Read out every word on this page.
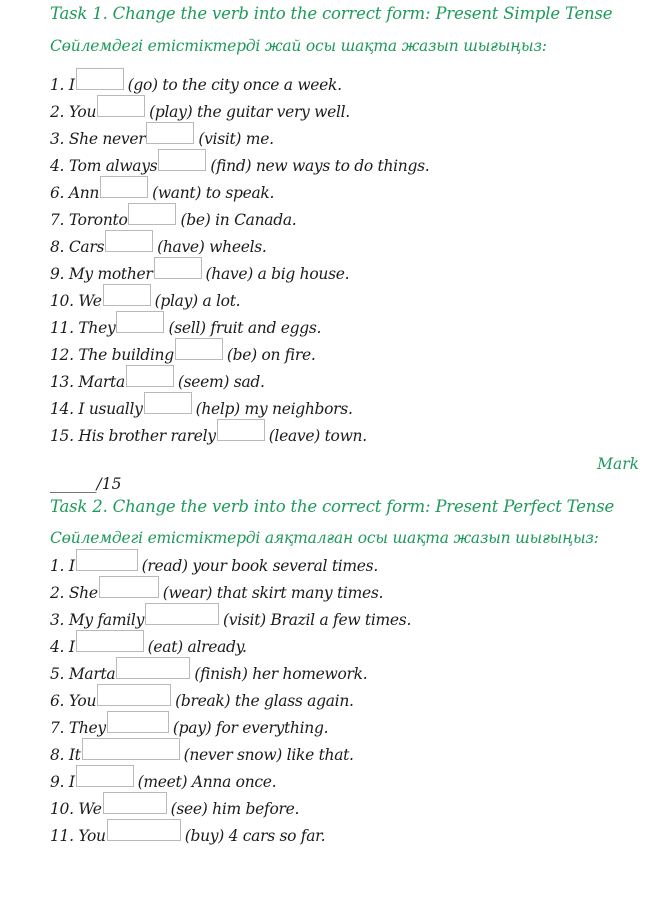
Task 1. Change the verb into the correct form: Present Simple Tense
Сөйлемдегі етістіктерді жай осы шақта жазып шығыңыз:
1. I	(go) to the city once a week.
2. You	(play) the guitar very well.
3. She never	(visit) me.
4. Tom always	(find) new ways to do things.
6. Ann	(want) to speak.
7. Toronto	(be) in Canada.
8. Cars	(have) wheels.
9. My mother	(have) a big house.
10. We	(play) a lot.
11. They	(sell) fruit and eggs.
12. The building	(be) on fire.
13. Marta	(seem) sad.
14. I usually	(help) my neighbors.
15. His brother rarely	(leave) town.
Mark
______/15
Task 2. Change the verb into the correct form: Present Perfect Tense
Сөйлемдегі етістіктерді аяқталған осы шақта жазып шығыңыз:
1. I	(read) your book several times.
2. She	(wear) that skirt many times.
3. My family	(visit) Brazil a few times.
4. I	(eat) already.
5. Marta	(finish) her homework.
6. You	(break) the glass again.
7. They	(pay) for everything.
8. It	(never snow) like that.
9. I	(meet) Anna once.
10. We	(see) him before.
11. You	(buy) 4 cars so far.
